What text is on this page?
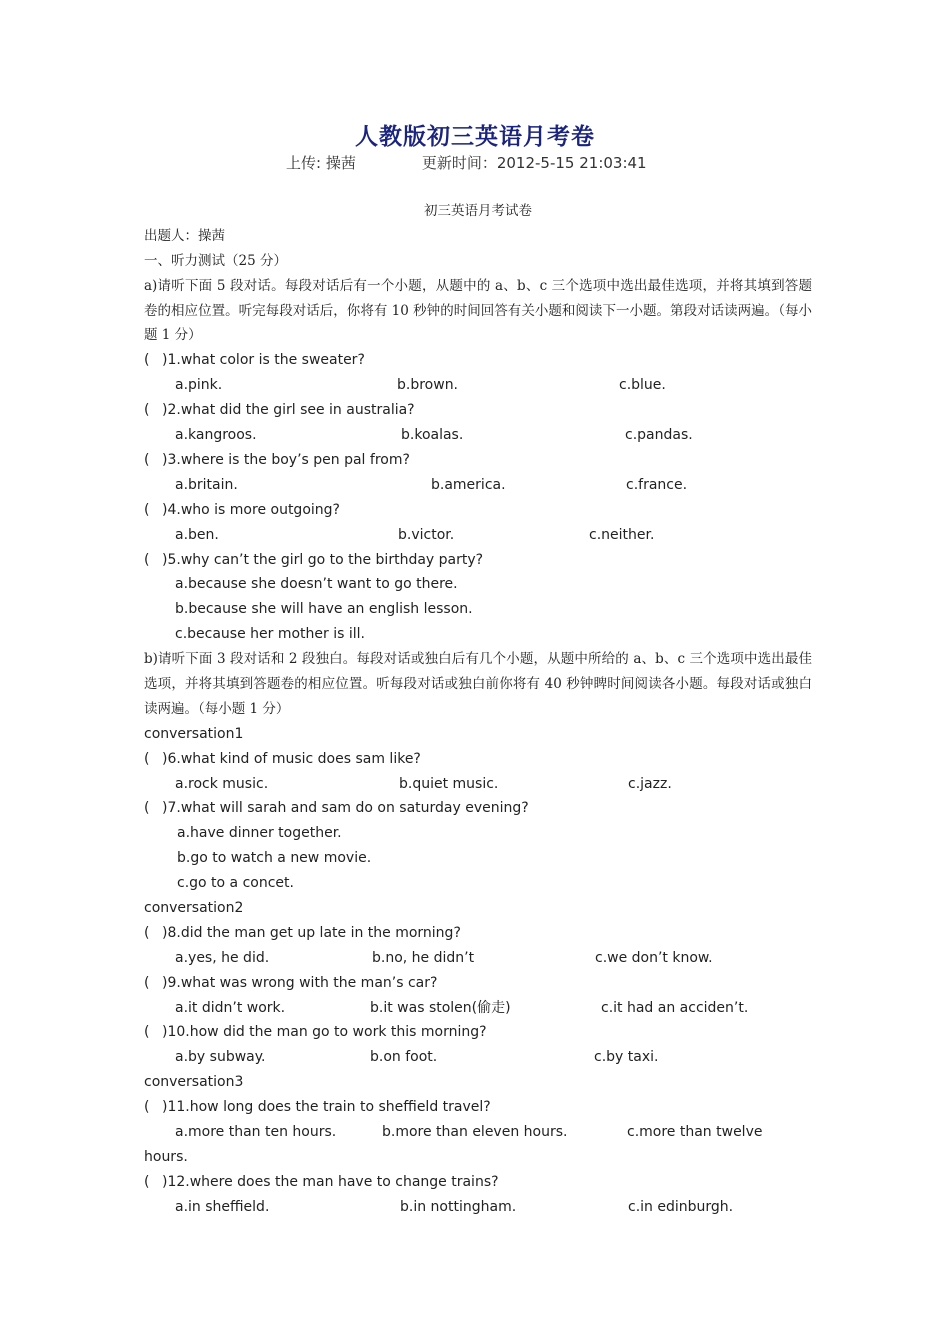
人教版初三英语月考卷
上传: 操茜	更新时间：2012-5-15 21:03:41
初三英语月考试卷
出题人：操茜
一、听力测试（25 分）
a)请听下面 5 段对话。每段对话后有一个小题，从题中的 a、b、c 三个选项中选出最佳选项，并将其填到答题卷的相应位置。听完每段对话后，你将有 10 秒钟的时间回答有关小题和阅读下一小题。第段对话读两遍。（每小题 1 分）
( )1.what color is the sweater?
a.pink.	b.brown.	c.blue.
( )2.what did the girl see in australia?
a.kangroos.	b.koalas.	c.pandas.
( )3.where is the boy’s pen pal from?
a.britain.	b.america.	c.france.
( )4.who is more outgoing?
a.ben.	b.victor.	c.neither.
( )5.why can’t the girl go to the birthday party?
a.because she doesn’t want to go there.
b.because she will have an english lesson.
c.because her mother is ill.
b)请听下面 3 段对话和 2 段独白。每段对话或独白后有几个小题，从题中所给的 a、b、c 三个选项中选出最佳选项，并将其填到答题卷的相应位置。听每段对话或独白前你将有 40 秒钟睥时间阅读各小题。每段对话或独白读两遍。（每小题 1 分）
conversation1
( )6.what kind of music does sam like?
a.rock music.	b.quiet music.	c.jazz.
( )7.what will sarah and sam do on saturday evening?
a.have dinner together.
b.go to watch a new movie.
c.go to a concet.
conversation2
( )8.did the man get up late in the morning?
a.yes, he did.	b.no, he didn’t	c.we don’t know.
( )9.what was wrong with the man’s car?
a.it didn’t work.	b.it was stolen(偷走)	c.it had an acciden’t.
( )10.how did the man go to work this morning?
a.by subway.	b.on foot.	c.by taxi.
conversation3
( )11.how long does the train to sheffield travel?
a.more than ten hours.	b.more than eleven hours.	c.more than twelve
hours.
( )12.where does the man have to change trains?
a.in sheffield.	b.in nottingham.	c.in edinburgh.
